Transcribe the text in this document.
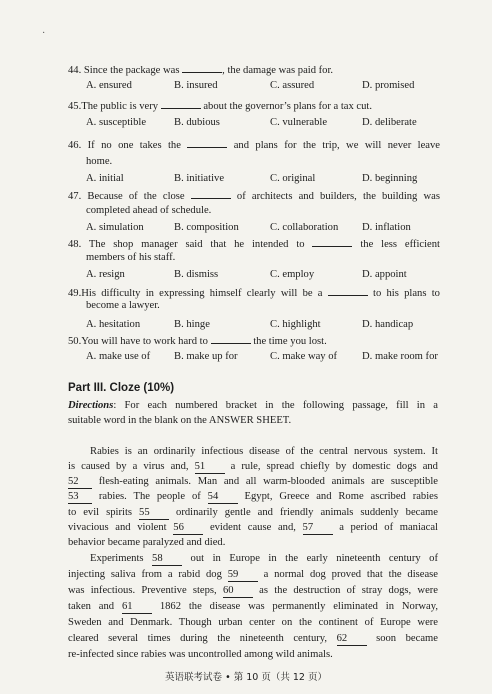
·
44. Since the package was	, the damage was paid for.
A. ensured	B. insured	C. assured	D. promised
45.The public is very	about the governor’s plans for a tax cut.
A. susceptible	B. dubious	C. vulnerable	D. deliberate
46. If no one takes the	and plans for the trip, we will never leave
home.
A. initial	B. initiative	C. original	D. beginning
47. Because of the close	of architects and builders, the building was
completed ahead of schedule.
A. simulation	B. composition	C. collaboration D. inflation
48. The shop manager said that he intended to	the less efficient
members of his staff.
A. resign	B. dismiss	C. employ	D. appoint
49.His difficulty in expressing himself clearly will be a	to his plans to
become a lawyer.
A. hesitation	B. hinge	C. highlight	D. handicap
50.You will have to work hard to	the time you lost.
A. make use of B. make up for	C. make way of D. make room for
Part III. Cloze (10%)
Directions: For each numbered bracket in the following passage, fill in a
suitable word in the blank on the ANSWER SHEET.
Rabies is an ordinarily infectious disease of the central nervous system. It
is caused by a virus and, 51 a rule, spread chiefly by domestic dogs and
52 flesh-eating animals. Man and all warm-blooded animals are susceptible
53 rabies. The people of 54 Egypt, Greece and Rome ascribed rabies
to evil spirits 55 ordinarily gentle and friendly animals suddenly became
vivacious and violent 56 evident cause and, 57 a period of maniacal
behavior became paralyzed and died.
Experiments 58	out in Europe in the early nineteenth century of
injecting saliva from a rabid dog 59 a normal dog proved that the disease
was infectious. Preventive steps, 60 as the destruction of stray dogs, were
taken and 61	1862 the disease was permanently eliminated in Norway,
Sweden and Denmark. Though urban center on the continent of Europe were
cleared several times during the nineteenth century, 62	soon became
re-infected since rabies was uncontrolled among wild animals.
英语联考试卷 • 第 10 页（共 12 页）
